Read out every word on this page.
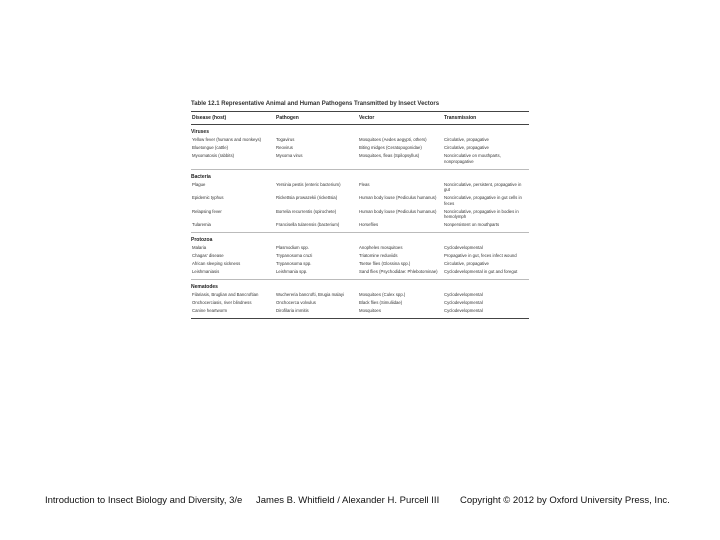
Table 12.1 Representative Animal and Human Pathogens Transmitted by Insect Vectors
Disease (host)	Pathogen	Vector	Transmission
Viruses
Yellow fever (humans and monkeys)	Togavirus	Mosquitoes (Aedes aegypti, others)	Circulative, propagative
Bluetongue (cattle)	Reovirus	Biting midges (Ceratopogonidae)	Circulative, propagative
Myxomatosis (rabbits)	Myxoma virus	Mosquitoes, fleas (Spilopsyllus)	Noncirculative on mouthparts, nonpropagative
Bacteria
Plague	Yersinia pestis (enteric bacterium)	Fleas	Noncirculative, persistent, propagative in gut
Epidemic typhus	Rickettsia prowazekii (rickettsia)	Human body louse (Pediculus humanus)	Noncirculative, propagative in gut cells in feces
Relapsing fever	Borrelia recurrentis (spirochete)	Human body louse (Pediculus humanus)	Noncirculative, propagative in bodies in hemolymph
Tularemia	Francisella tularensis (bacterium)	Horseflies	Nonpersistent on mouthparts
Protozoa
Malaria	Plasmodium spp.	Anopheles mosquitoes	Cyclodevelopmental
Chagas' disease	Trypanosoma cruzi	Triatomine reduviids	Propagative in gut, feces infect wound
African sleeping sickness	Trypanosoma spp.	Tsetse flies (Glossina spp.)	Circulative, propagative
Leishmaniasis	Leishmania spp.	Sand flies (Psychodidae: Phlebotominae)	Cyclodevelopmental in gut and foregut
Nematodes
Filariasis, Bruglian and Bancroftian	Wuchereria bancrofti, Brugia malayi	Mosquitoes (Culex spp.)	Cyclodevelopmental
Onchocerciasis, river blindness	Onchocerca volvulus	Black flies (Simuliidae)	Cyclodevelopmental
Canine heartworm	Dirofilaria immitis	Mosquitoes	Cyclodevelopmental
Introduction to Insect Biology and Diversity, 3/e	James B. Whitfield / Alexander H. Purcell III Copyright © 2012 by Oxford University Press, Inc.
